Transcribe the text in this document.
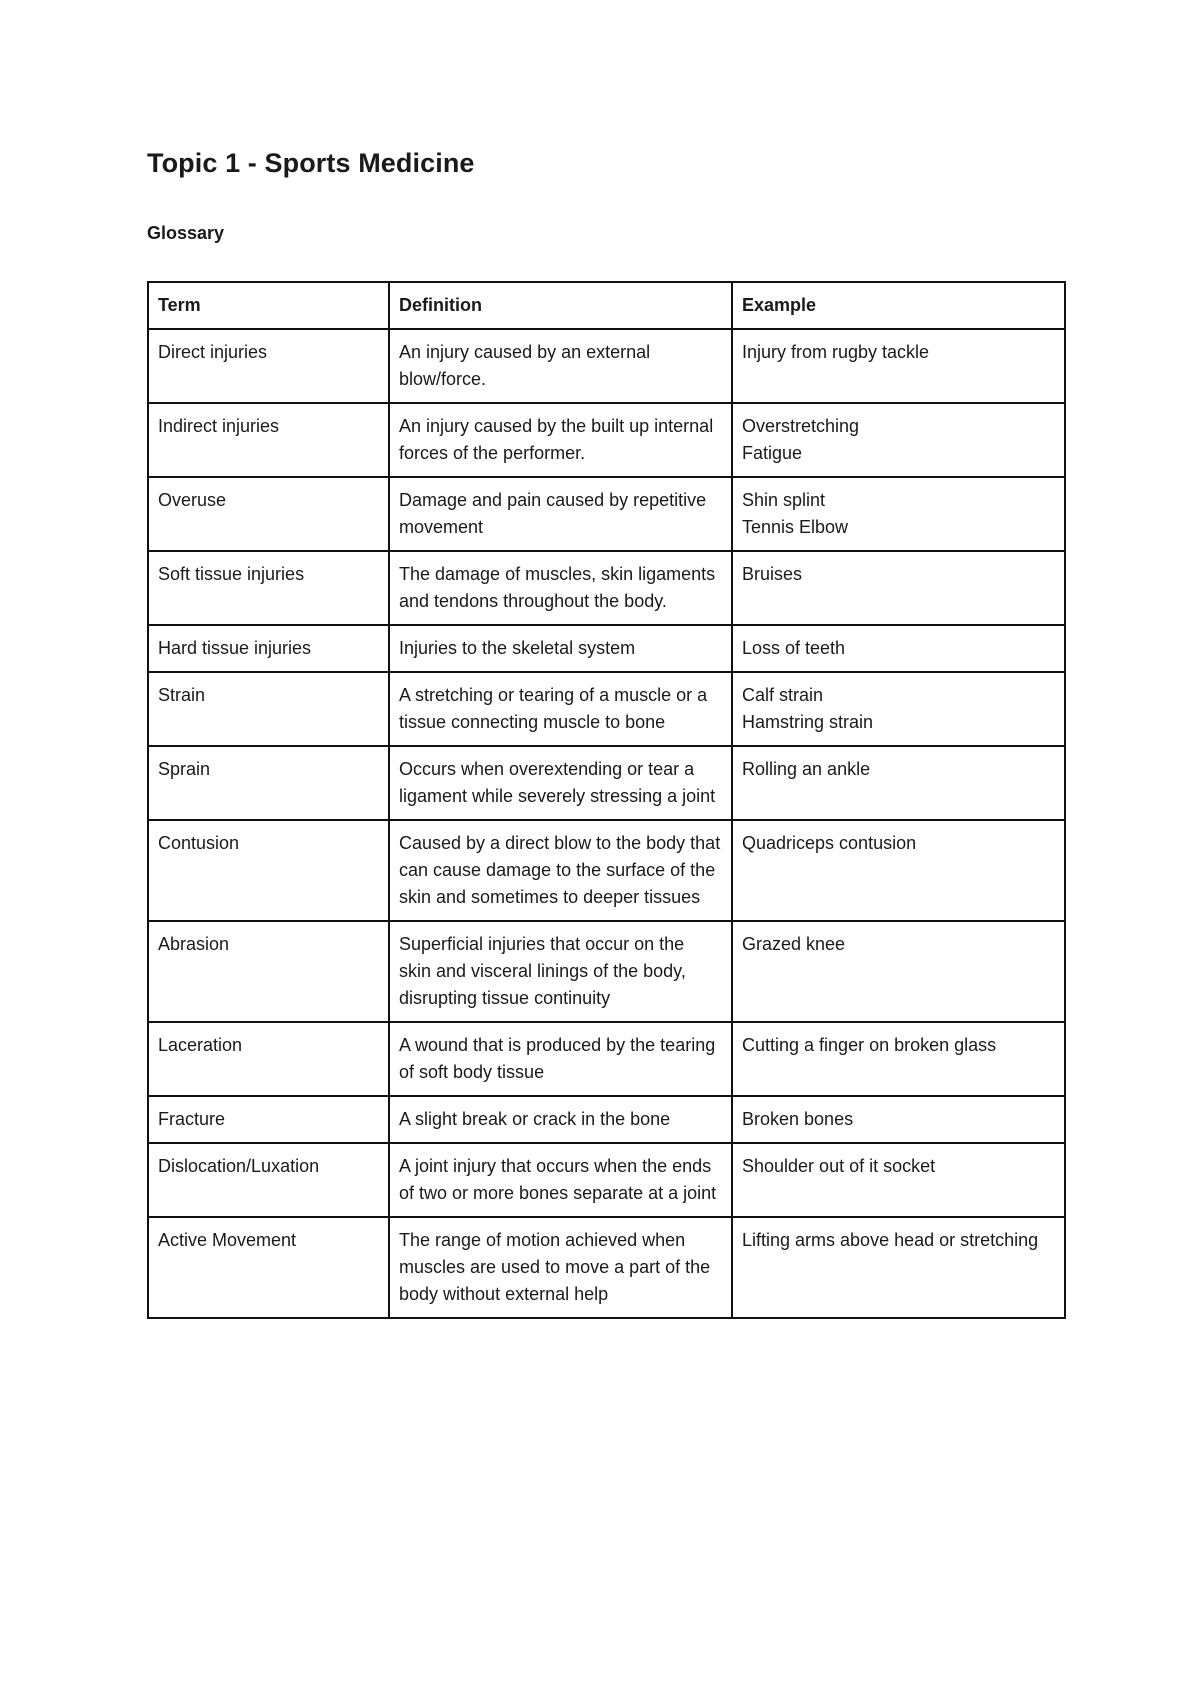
Topic 1 - Sports Medicine
Glossary
Term	Definition	Example
Direct injuries	An injury caused by an external blow/force.	Injury from rugby tackle

Indirect injuries	An injury caused by the built up internal forces of the performer.	Overstretching
Fatigue

Overuse	Damage and pain caused by repetitive movement	Shin splint
Tennis Elbow

Soft tissue injuries	The damage of muscles, skin ligaments and tendons throughout the body.	Bruises

Hard tissue injuries	Injuries to the skeletal system	Loss of teeth

Strain	A stretching or tearing of a muscle or a tissue connecting muscle to bone	Calf strain
Hamstring strain

Sprain	Occurs when overextending or tear a ligament while severely stressing a joint	Rolling an ankle

Contusion	Caused by a direct blow to the body that can cause damage to the surface of the skin and sometimes to deeper tissues	Quadriceps contusion

Abrasion	Superficial injuries that occur on the skin and visceral linings of the body, disrupting tissue continuity	Grazed knee

Laceration	A wound that is produced by the tearing of soft body tissue	Cutting a finger on broken glass

Fracture	A slight break or crack in the bone	Broken bones

Dislocation/Luxation	A joint injury that occurs when the ends of two or more bones separate at a joint	Shoulder out of it socket

Active Movement	The range of motion achieved when muscles are used to move a part of the body without external help	Lifting arms above head or stretching
